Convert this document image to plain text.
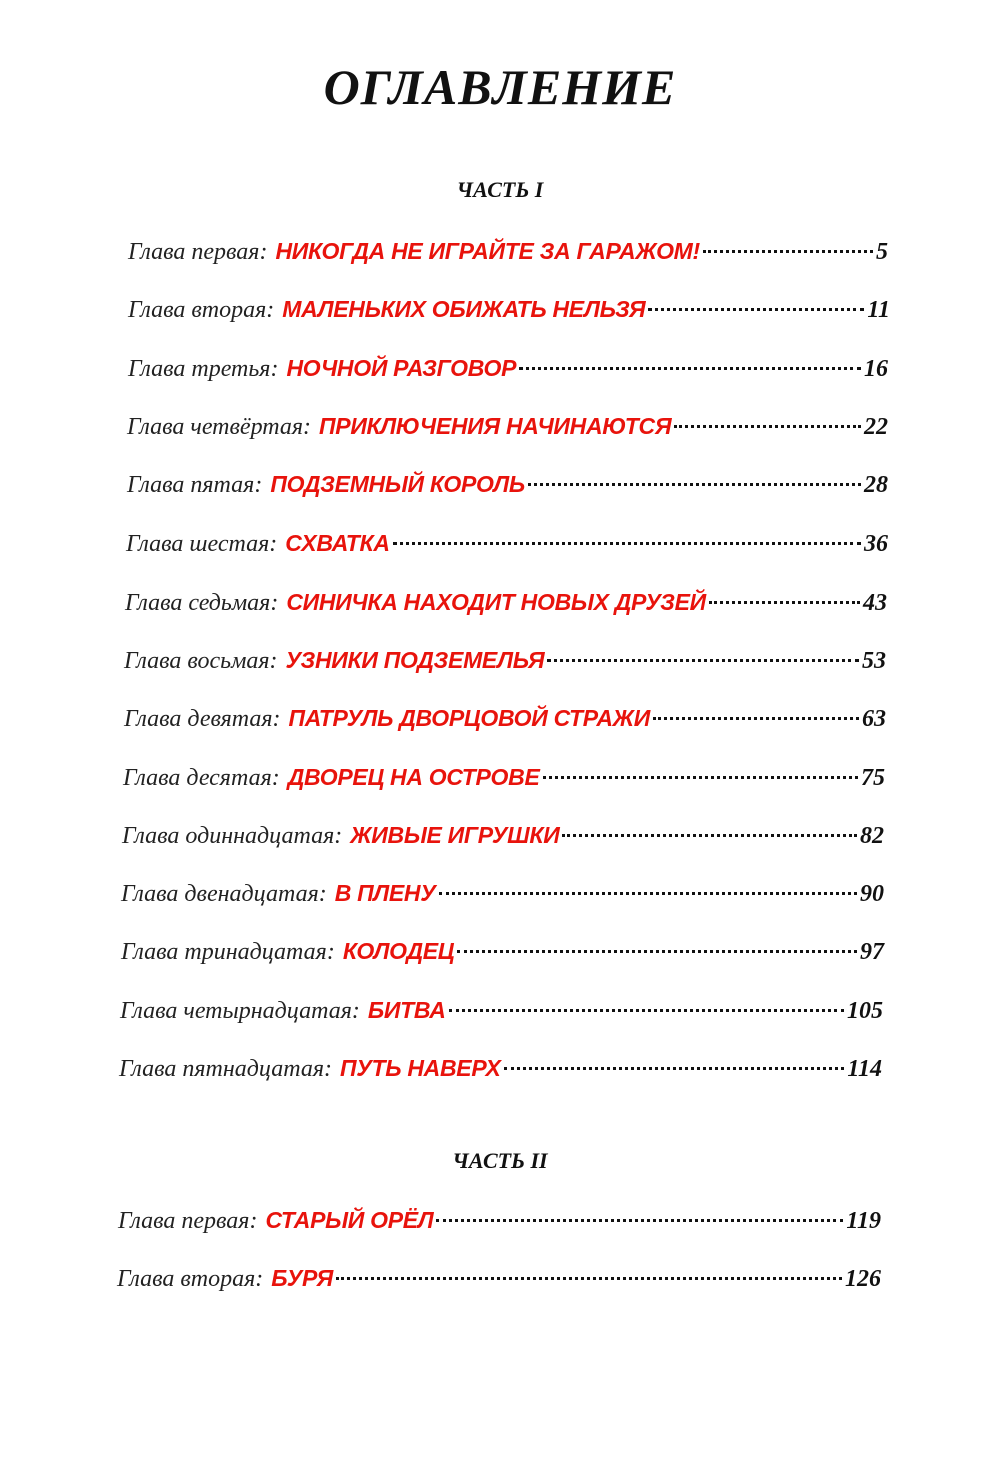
ОГЛАВЛЕНИЕ
ЧАСТЬ I
Глава первая: НИКОГДА НЕ ИГРАЙТЕ ЗА ГАРАЖОМ!	5
Глава вторая: МАЛЕНЬКИХ ОБИЖАТЬ НЕЛЬЗЯ	11
Глава третья: НОЧНОЙ РАЗГОВОР	16
Глава четвёртая: ПРИКЛЮЧЕНИЯ НАЧИНАЮТСЯ	22
Глава пятая: ПОДЗЕМНЫЙ КОРОЛЬ	28
Глава шестая: СХВАТКА	36
Глава седьмая: СИНИЧКА НАХОДИТ НОВЫХ ДРУЗЕЙ	43
Глава восьмая: УЗНИКИ ПОДЗЕМЕЛЬЯ	53
Глава девятая: ПАТРУЛЬ ДВОРЦОВОЙ СТРАЖИ	63
Глава десятая: ДВОРЕЦ НА ОСТРОВЕ	75
Глава одиннадцатая: ЖИВЫЕ ИГРУШКИ	82
Глава двенадцатая: В ПЛЕНУ	90
Глава тринадцатая: КОЛОДЕЦ	97
Глава четырнадцатая: БИТВА	105
Глава пятнадцатая: ПУТЬ НАВЕРХ	114
ЧАСТЬ II
Глава первая: СТАРЫЙ ОРЁЛ	119
Глава вторая: БУРЯ	126
